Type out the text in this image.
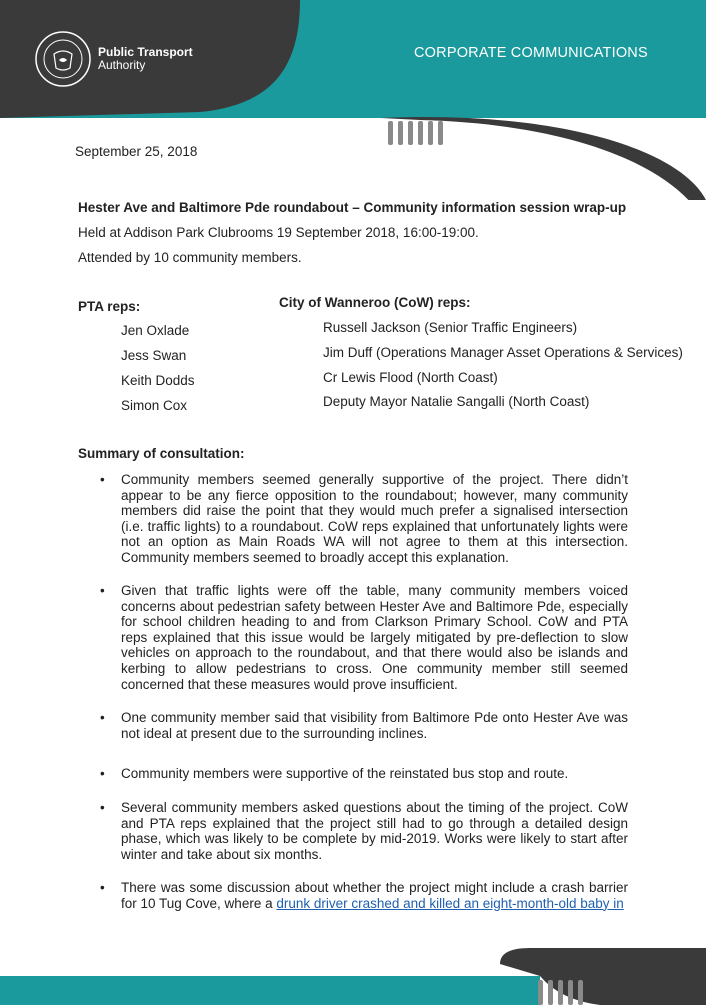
Public Transport
Authority
CORPORATE COMMUNICATIONS
September 25, 2018
Hester Ave and Baltimore Pde roundabout – Community information session wrap-up
Held at Addison Park Clubrooms 19 September 2018, 16:00-19:00.
Attended by 10 community members.
PTA reps:
Jen Oxlade
Jess Swan
Keith Dodds
Simon Cox
City of Wanneroo (CoW) reps:
Russell Jackson (Senior Traffic Engineers)
Jim Duff (Operations Manager Asset Operations & Services)
Cr Lewis Flood (North Coast)
Deputy Mayor Natalie Sangalli (North Coast)
Summary of consultation:
• Community members seemed generally supportive of the project. There didn’t appear to be any fierce opposition to the roundabout; however, many community members did raise the point that they would much prefer a signalised intersection (i.e. traffic lights) to a roundabout. CoW reps explained that unfortunately lights were not an option as Main Roads WA will not agree to them at this intersection. Community members seemed to broadly accept this explanation.
• Given that traffic lights were off the table, many community members voiced concerns about pedestrian safety between Hester Ave and Baltimore Pde, especially for school children heading to and from Clarkson Primary School. CoW and PTA reps explained that this issue would be largely mitigated by pre-deflection to slow vehicles on approach to the roundabout, and that there would also be islands and kerbing to allow pedestrians to cross. One community member still seemed concerned that these measures would prove insufficient.
• One community member said that visibility from Baltimore Pde onto Hester Ave was not ideal at present due to the surrounding inclines.
• Community members were supportive of the reinstated bus stop and route.
• Several community members asked questions about the timing of the project. CoW and PTA reps explained that the project still had to go through a detailed design phase, which was likely to be complete by mid-2019. Works were likely to start after winter and take about six months.
• There was some discussion about whether the project might include a crash barrier for 10 Tug Cove, where a drunk driver crashed and killed an eight-month-old baby in
